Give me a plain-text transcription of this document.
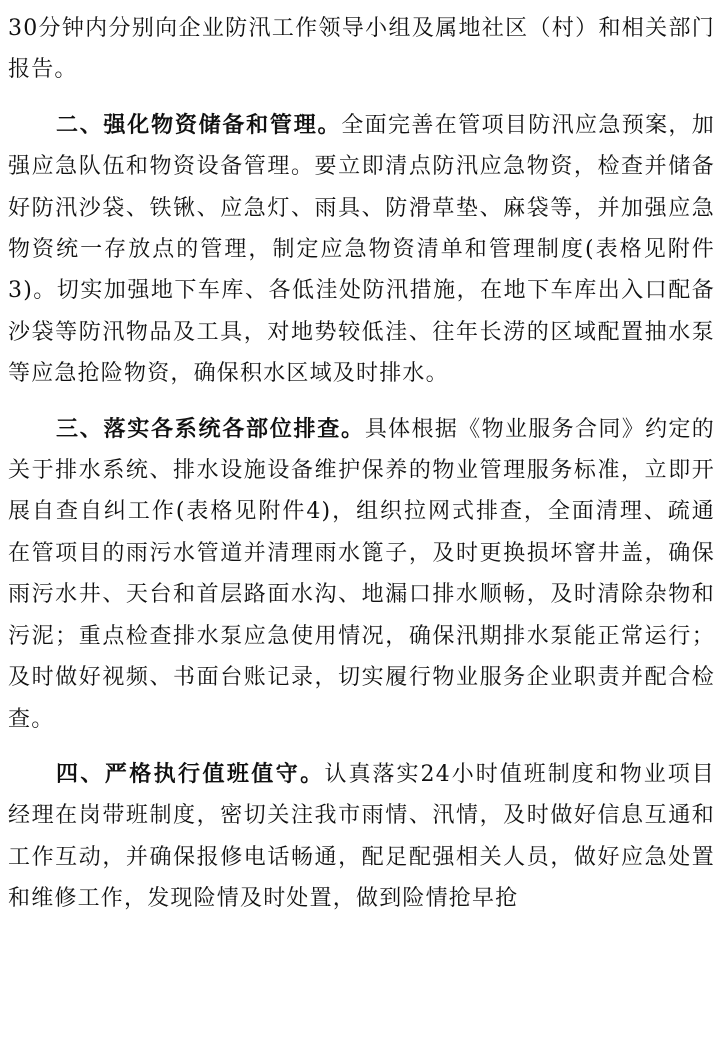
30分钟内分别向企业防汛工作领导小组及属地社区（村）和相关部门报告。

二、强化物资储备和管理。全面完善在管项目防汛应急预案，加强应急队伍和物资设备管理。要立即清点防汛应急物资，检查并储备好防汛沙袋、铁锹、应急灯、雨具、防滑草垫、麻袋等，并加强应急物资统一存放点的管理，制定应急物资清单和管理制度(表格见附件3)。切实加强地下车库、各低洼处防汛措施，在地下车库出入口配备沙袋等防汛物品及工具，对地势较低洼、往年长涝的区域配置抽水泵等应急抢险物资，确保积水区域及时排水。

三、落实各系统各部位排查。具体根据《物业服务合同》约定的关于排水系统、排水设施设备维护保养的物业管理服务标准，立即开展自查自纠工作(表格见附件4)，组织拉网式排查，全面清理、疏通在管项目的雨污水管道并清理雨水篦子，及时更换损坏窨井盖，确保雨污水井、天台和首层路面水沟、地漏口排水顺畅，及时清除杂物和污泥；重点检查排水泵应急使用情况，确保汛期排水泵能正常运行；及时做好视频、书面台账记录，切实履行物业服务企业职责并配合检查。

四、严格执行值班值守。认真落实24小时值班制度和物业项目经理在岗带班制度，密切关注我市雨情、汛情，及时做好信息互通和工作互动，并确保报修电话畅通，配足配强相关人员，做好应急处置和维修工作，发现险情及时处置，做到险情抢早抢
